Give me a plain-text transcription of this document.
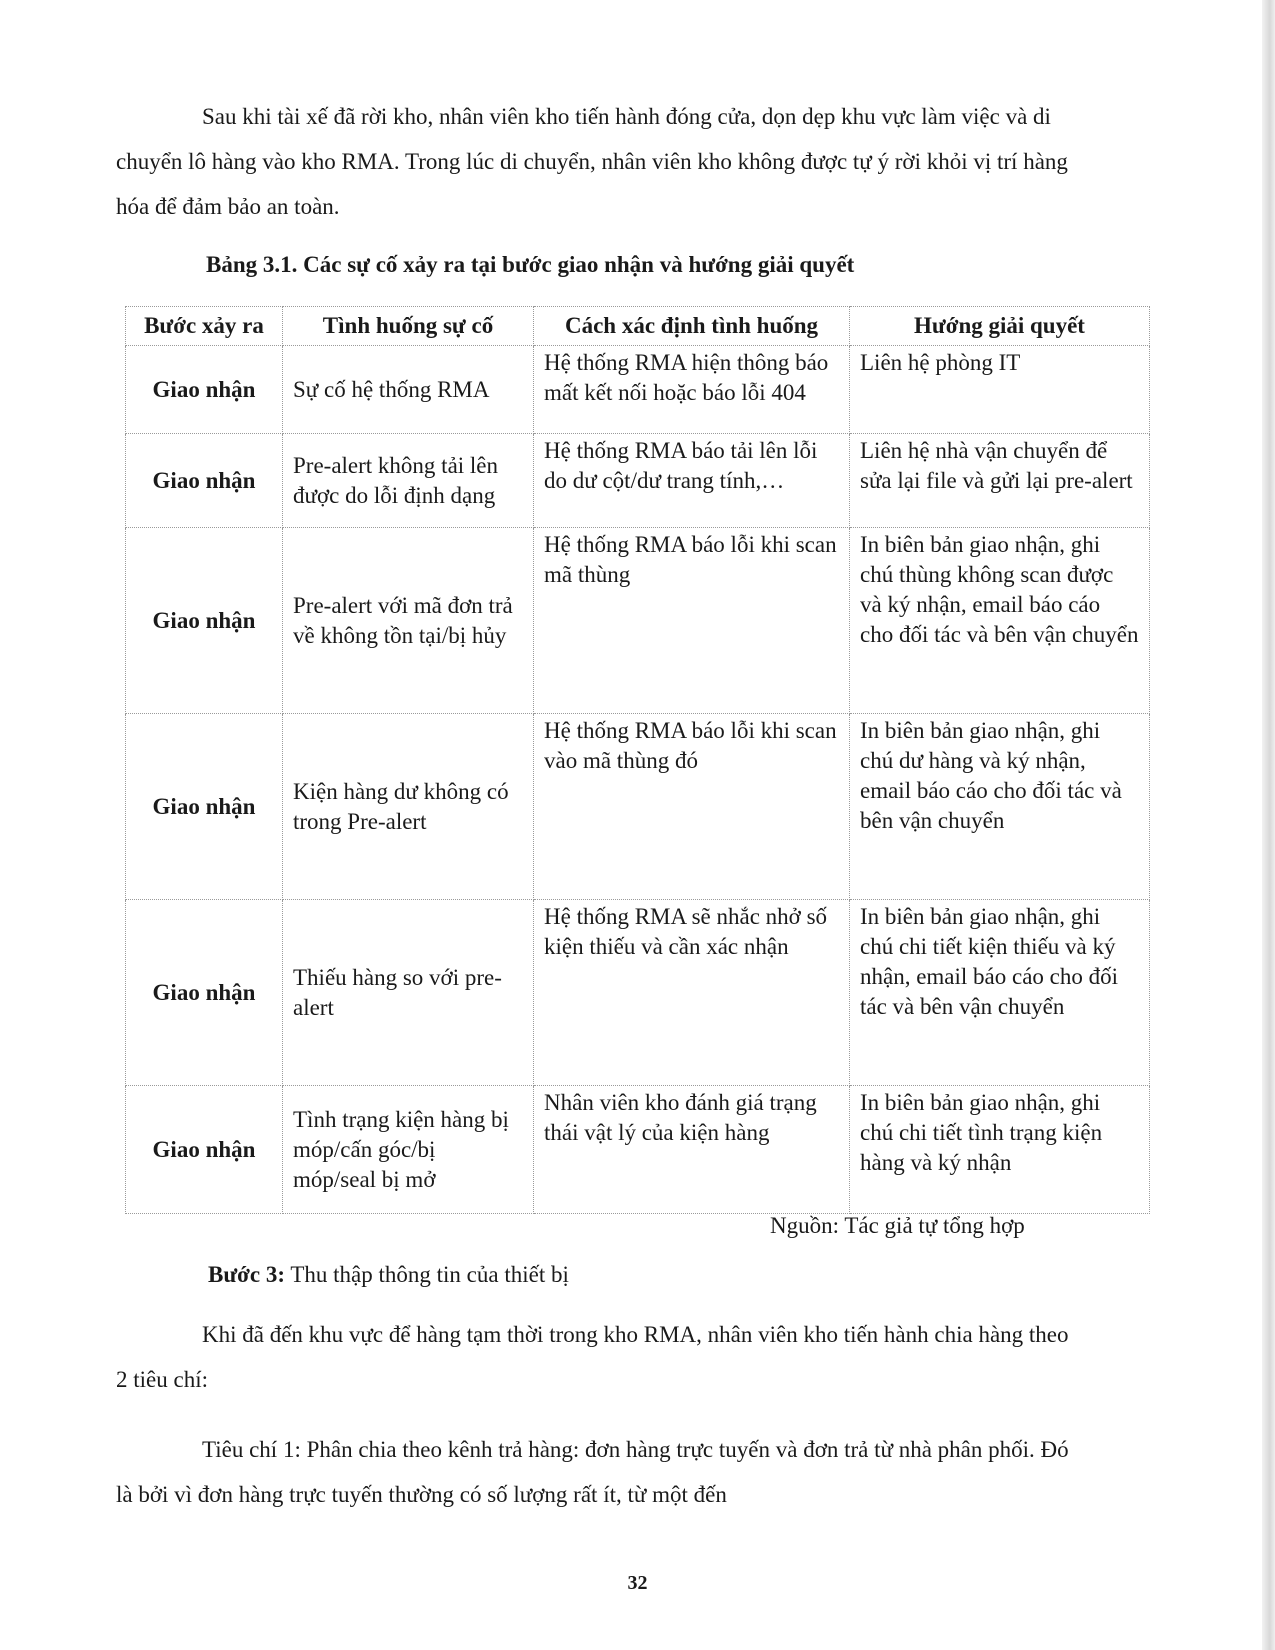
Sau khi tài xế đã rời kho, nhân viên kho tiến hành đóng cửa, dọn dẹp khu vực làm việc và di chuyển lô hàng vào kho RMA. Trong lúc di chuyển, nhân viên kho không được tự ý rời khỏi vị trí hàng hóa để đảm bảo an toàn.

Bảng 3.1. Các sự cố xảy ra tại bước giao nhận và hướng giải quyết

Bước xảy ra	Tình huống sự cố	Cách xác định tình huống	Hướng giải quyết
Giao nhận	Sự cố hệ thống RMA	Hệ thống RMA hiện thông báo mất kết nối hoặc báo lỗi 404	Liên hệ phòng IT
Giao nhận	Pre-alert không tải lên được do lỗi định dạng	Hệ thống RMA báo tải lên lỗi do dư cột/dư trang tính,…	Liên hệ nhà vận chuyển để sửa lại file và gửi lại pre-alert
Giao nhận	Pre-alert với mã đơn trả về không tồn tại/bị hủy	Hệ thống RMA báo lỗi khi scan mã thùng	In biên bản giao nhận, ghi chú thùng không scan được và ký nhận, email báo cáo cho đối tác và bên vận chuyển
Giao nhận	Kiện hàng dư không có trong Pre-alert	Hệ thống RMA báo lỗi khi scan vào mã thùng đó	In biên bản giao nhận, ghi chú dư hàng và ký nhận, email báo cáo cho đối tác và bên vận chuyển
Giao nhận	Thiếu hàng so với pre-alert	Hệ thống RMA sẽ nhắc nhở số kiện thiếu và cần xác nhận	In biên bản giao nhận, ghi chú chi tiết kiện thiếu và ký nhận, email báo cáo cho đối tác và bên vận chuyển
Giao nhận	Tình trạng kiện hàng bị móp/cấn góc/bị móp/seal bị mở	Nhân viên kho đánh giá trạng thái vật lý của kiện hàng	In biên bản giao nhận, ghi chú chi tiết tình trạng kiện hàng và ký nhận

Nguồn: Tác giả tự tổng hợp

Bước 3: Thu thập thông tin của thiết bị

Khi đã đến khu vực để hàng tạm thời trong kho RMA, nhân viên kho tiến hành chia hàng theo 2 tiêu chí:

Tiêu chí 1: Phân chia theo kênh trả hàng: đơn hàng trực tuyến và đơn trả từ nhà phân phối. Đó là bởi vì đơn hàng trực tuyến thường có số lượng rất ít, từ một đến

32
